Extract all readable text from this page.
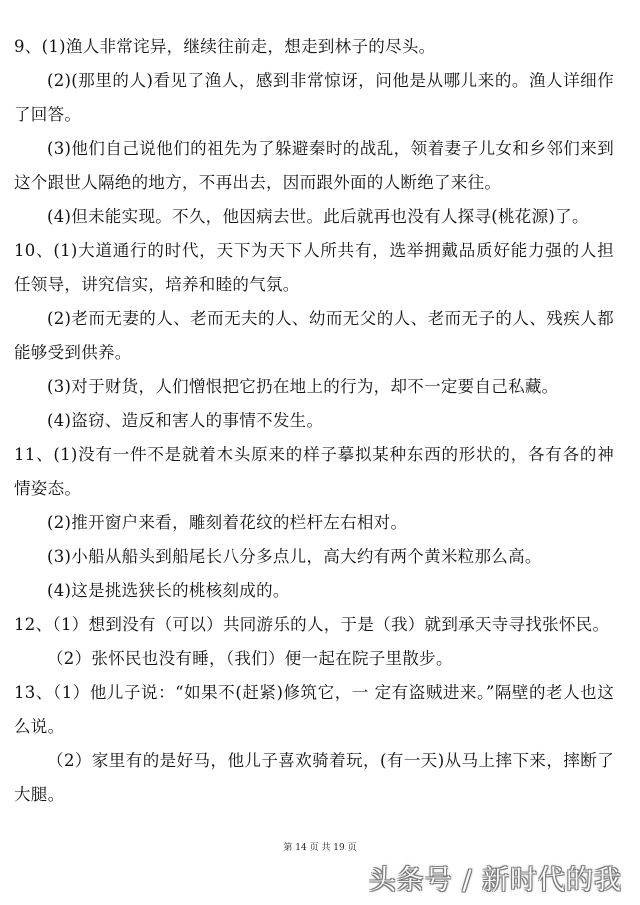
9、(1)渔人非常诧异，继续往前走，想走到林子的尽头。

(2)(那里的人)看见了渔人，感到非常惊讶，问他是从哪儿来的。渔人详细作了回答。

(3)他们自己说他们的祖先为了躲避秦时的战乱，领着妻子儿女和乡邻们来到这个跟世人隔绝的地方，不再出去，因而跟外面的人断绝了来往。

(4)但未能实现。不久，他因病去世。此后就再也没有人探寻(桃花源)了。

10、(1)大道通行的时代，天下为天下人所共有，选举拥戴品质好能力强的人担任领导，讲究信实，培养和睦的气氛。

(2)老而无妻的人、老而无夫的人、幼而无父的人、老而无子的人、残疾人都能够受到供养。

(3)对于财货，人们憎恨把它扔在地上的行为，却不一定要自己私藏。

(4)盗窃、造反和害人的事情不发生。

11、(1)没有一件不是就着木头原来的样子摹拟某种东西的形状的，各有各的神情姿态。

(2)推开窗户来看，雕刻着花纹的栏杆左右相对。

(3)小船从船头到船尾长八分多点儿，高大约有两个黄米粒那么高。

(4)这是挑选狭长的桃核刻成的。

12、（1）想到没有（可以）共同游乐的人，于是（我）就到承天寺寻找张怀民。

（2）张怀民也没有睡，（我们）便一起在院子里散步。

13、（1）他儿子说：“如果不(赶紧)修筑它，一 定有盗贼进来。”隔壁的老人也这么说。

（2）家里有的是好马，他儿子喜欢骑着玩，(有一天)从马上摔下来，摔断了大腿。

第 14 页 共 19 页
头条号 / 新时代的我
